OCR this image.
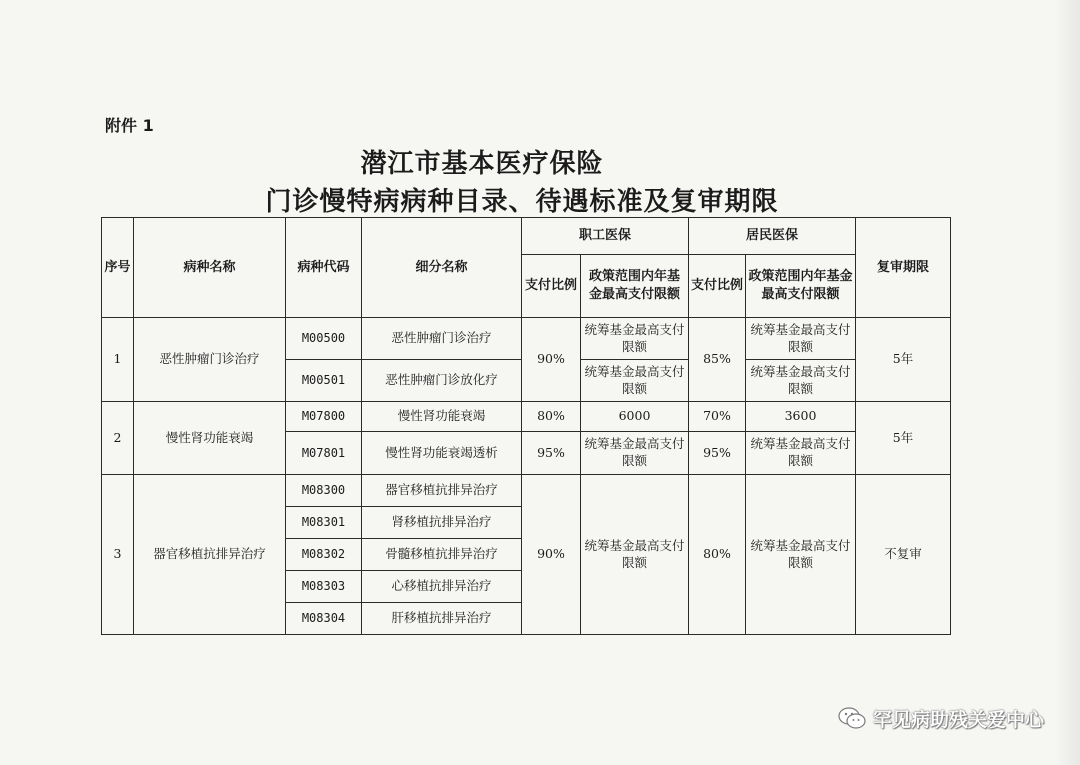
附件 1
潜江市基本医疗保险
门诊慢特病病种目录、待遇标准及复审期限
序号	病种名称	病种代码	细分名称	职工医保		居民医保		复审期限
				支付比例	政策范围内年基金最高支付限额	支付比例	政策范围内年基金最高支付限额	
1	恶性肿瘤门诊治疗	M00500	恶性肿瘤门诊治疗	90%	统筹基金最高支付限额	85%	统筹基金最高支付限额	5年
		M00501	恶性肿瘤门诊放化疗		统筹基金最高支付限额		统筹基金最高支付限额	
2	慢性肾功能衰竭	M07800	慢性肾功能衰竭	80%	6000	70%	3600	5年
		M07801	慢性肾功能衰竭透析	95%	统筹基金最高支付限额	95%	统筹基金最高支付限额	
3	器官移植抗排异治疗	M08300	器官移植抗排异治疗	90%	统筹基金最高支付限额	80%	统筹基金最高支付限额	不复审
		M08301	肾移植抗排异治疗					
		M08302	骨髓移植抗排异治疗					
		M08303	心移植抗排异治疗					
		M08304	肝移植抗排异治疗					
罕见病助残关爱中心
